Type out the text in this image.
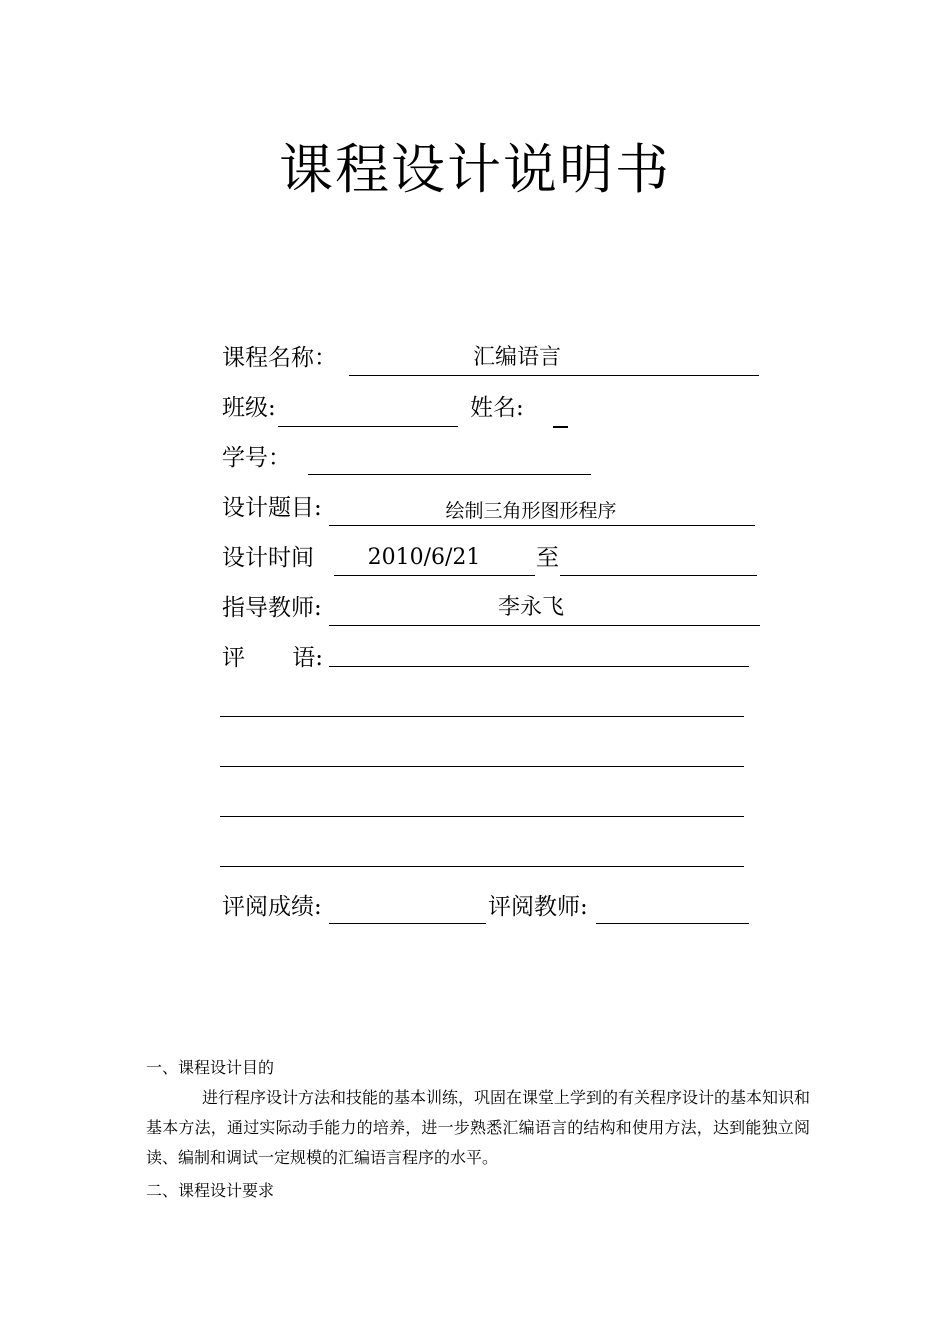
课程设计说明书
课程名称：	汇编语言
班级:	姓名:
学号：
设计题目:	绘制三角形图形程序
设计时间	2010/6/21	至
指导教师:	李永飞
评 语:
评阅成绩:	评阅教师:
一、课程设计目的
进行程序设计方法和技能的基本训练，巩固在课堂上学到的有关程序设计的基本知识和基本方法，通过实际动手能力的培养，进一步熟悉汇编语言的结构和使用方法，达到能独立阅读、编制和调试一定规模的汇编语言程序的水平。
二、课程设计要求
